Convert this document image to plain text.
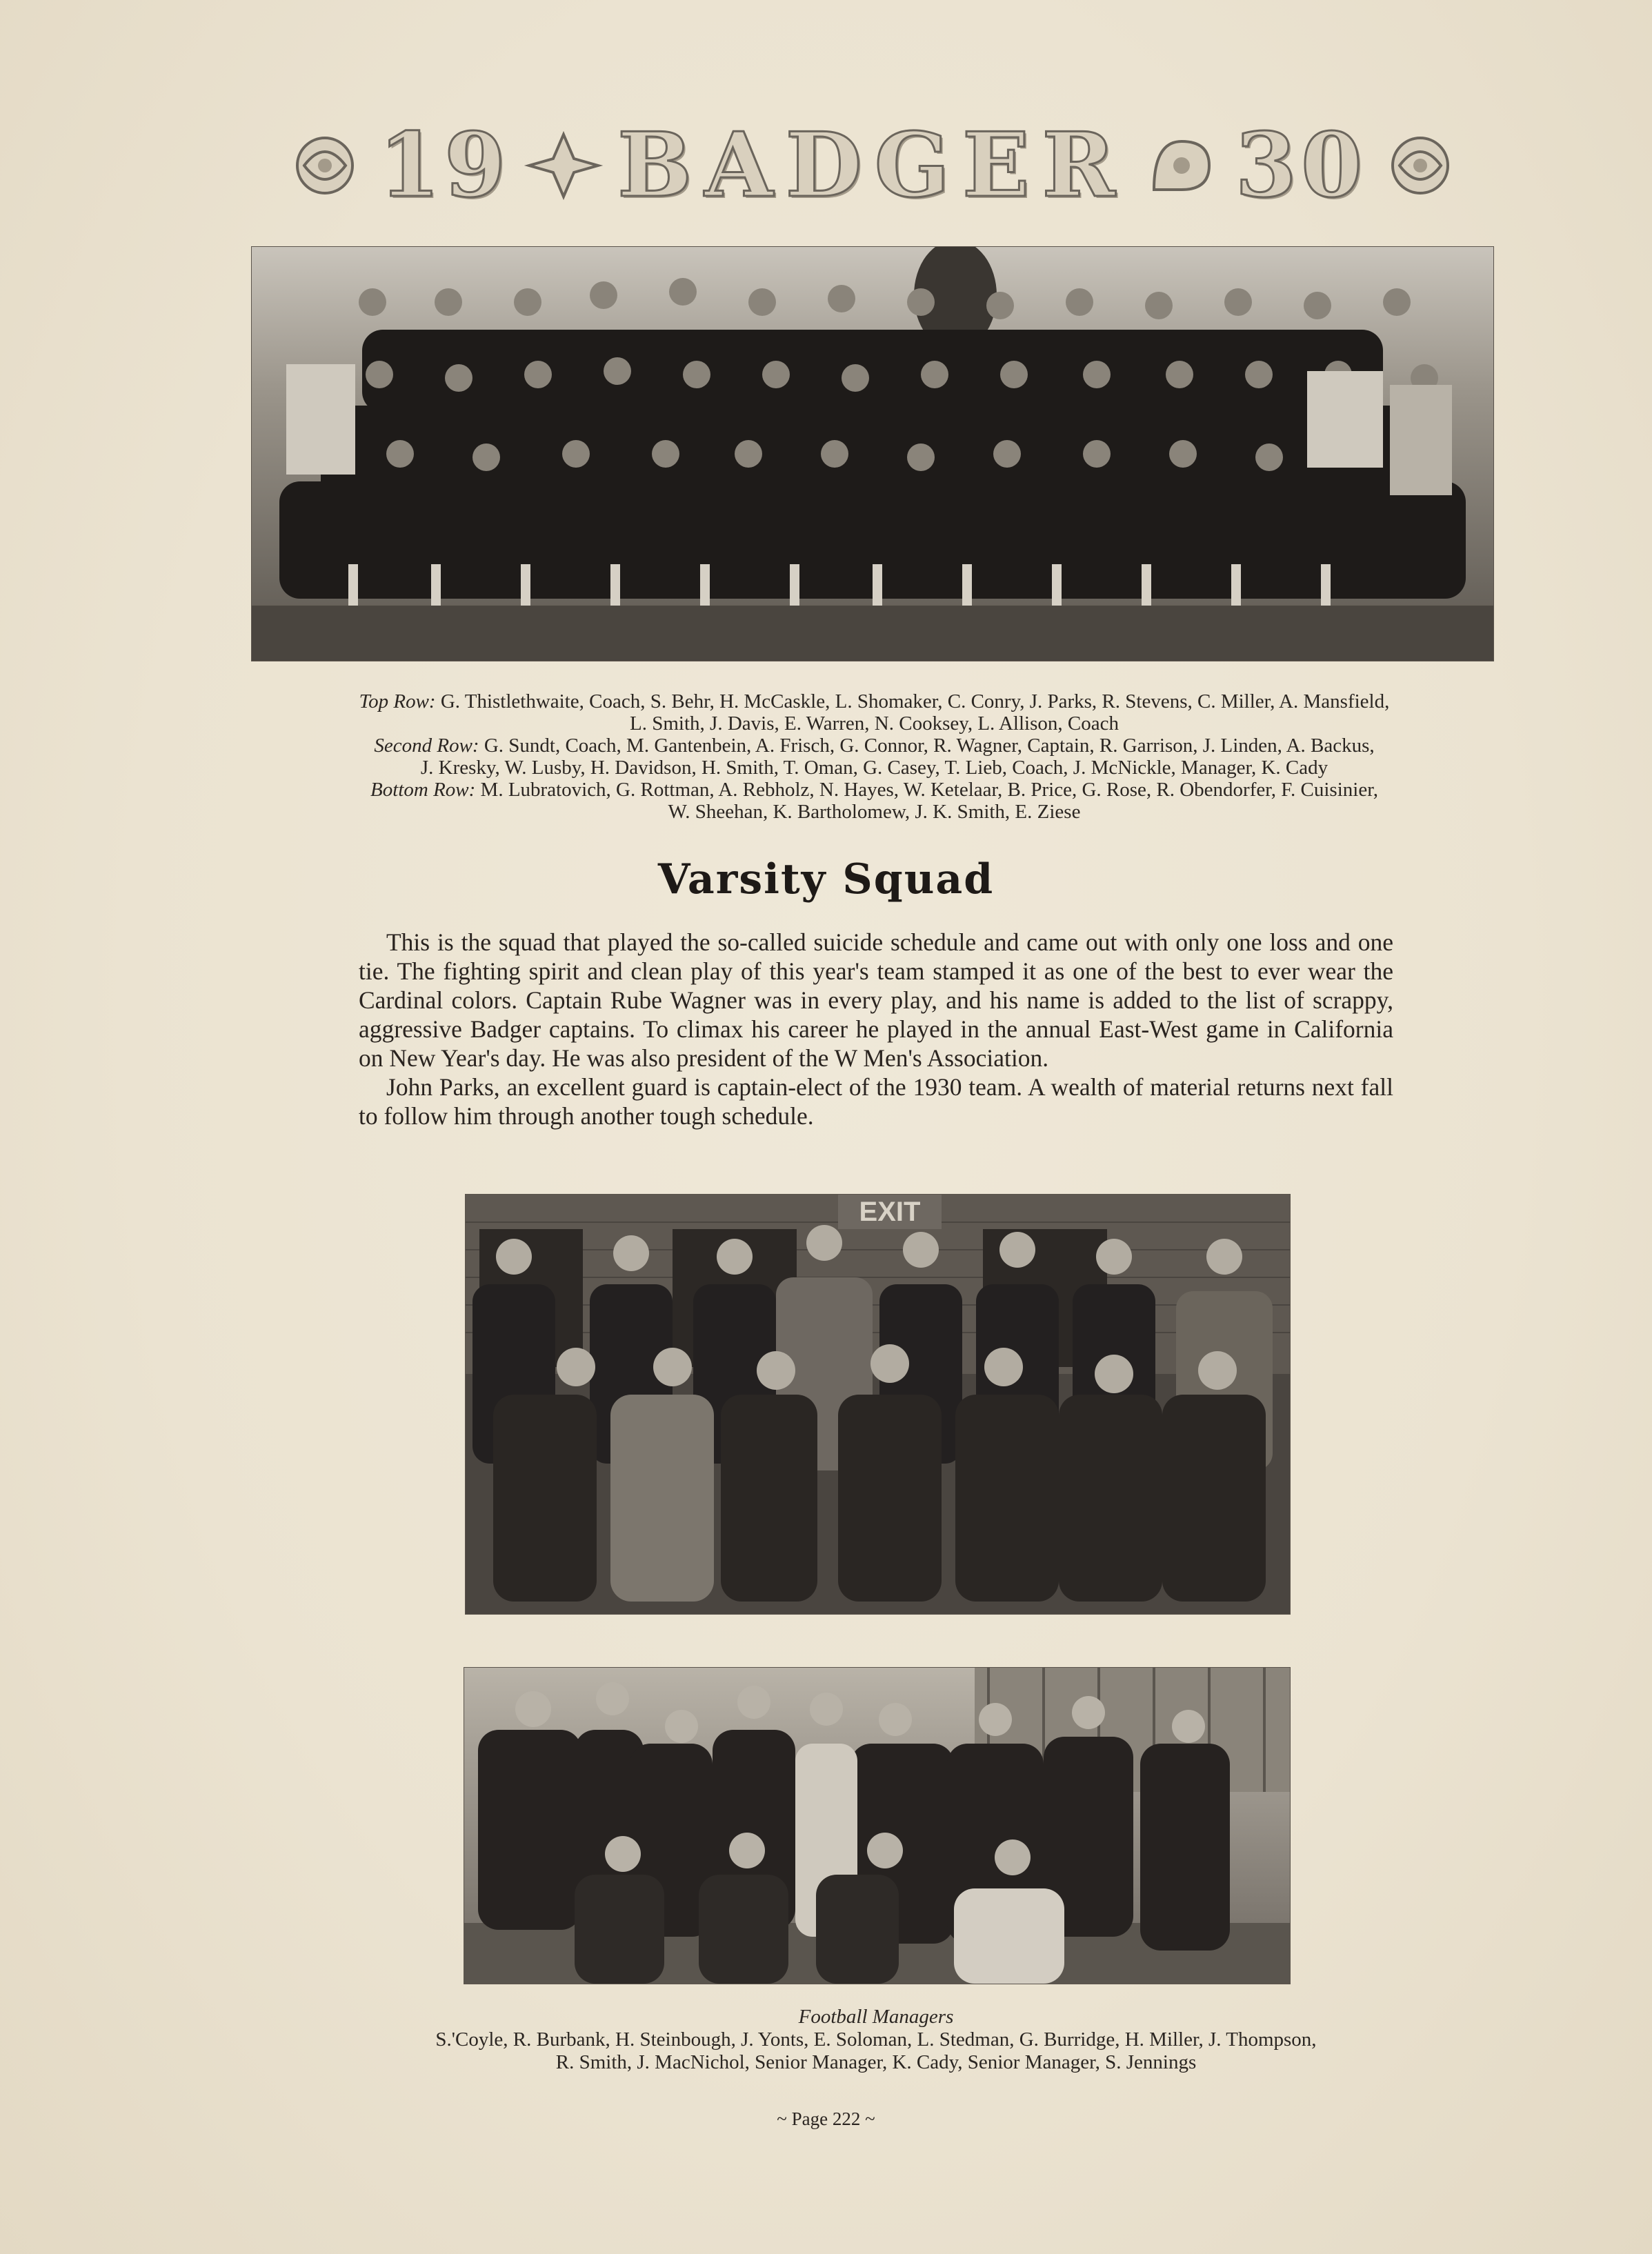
19 BADGER 30
Top Row: G. Thistlethwaite, Coach, S. Behr, H. McCaskle, L. Shomaker, C. Conry, J. Parks, R. Stevens, C. Miller, A. Mansfield,
L. Smith, J. Davis, E. Warren, N. Cooksey, L. Allison, Coach
Second Row: G. Sundt, Coach, M. Gantenbein, A. Frisch, G. Connor, R. Wagner, Captain, R. Garrison, J. Linden, A. Backus,
J. Kresky, W. Lusby, H. Davidson, H. Smith, T. Oman, G. Casey, T. Lieb, Coach, J. McNickle, Manager, K. Cady
Bottom Row: M. Lubratovich, G. Rottman, A. Rebholz, N. Hayes, W. Ketelaar, B. Price, G. Rose, R. Obendorfer, F. Cuisinier,
W. Sheehan, K. Bartholomew, J. K. Smith, E. Ziese
Varsity Squad

This is the squad that played the so-called suicide schedule and came out with only one loss and one tie. The fighting spirit and clean play of this year's team stamped it as one of the best to ever wear the Cardinal colors. Captain Rube Wagner was in every play, and his name is added to the list of scrappy, aggressive Badger captains. To climax his career he played in the annual East-West game in California on New Year's day. He was also president of the W Men's Association.

John Parks, an excellent guard is captain-elect of the 1930 team. A wealth of material returns next fall to follow him through another tough schedule.

EXIT
Football Managers
S.'Coyle, R. Burbank, H. Steinbough, J. Yonts, E. Soloman, L. Stedman, G. Burridge, H. Miller, J. Thompson,
R. Smith, J. MacNichol, Senior Manager, K. Cady, Senior Manager, S. Jennings
~ Page 222 ~
